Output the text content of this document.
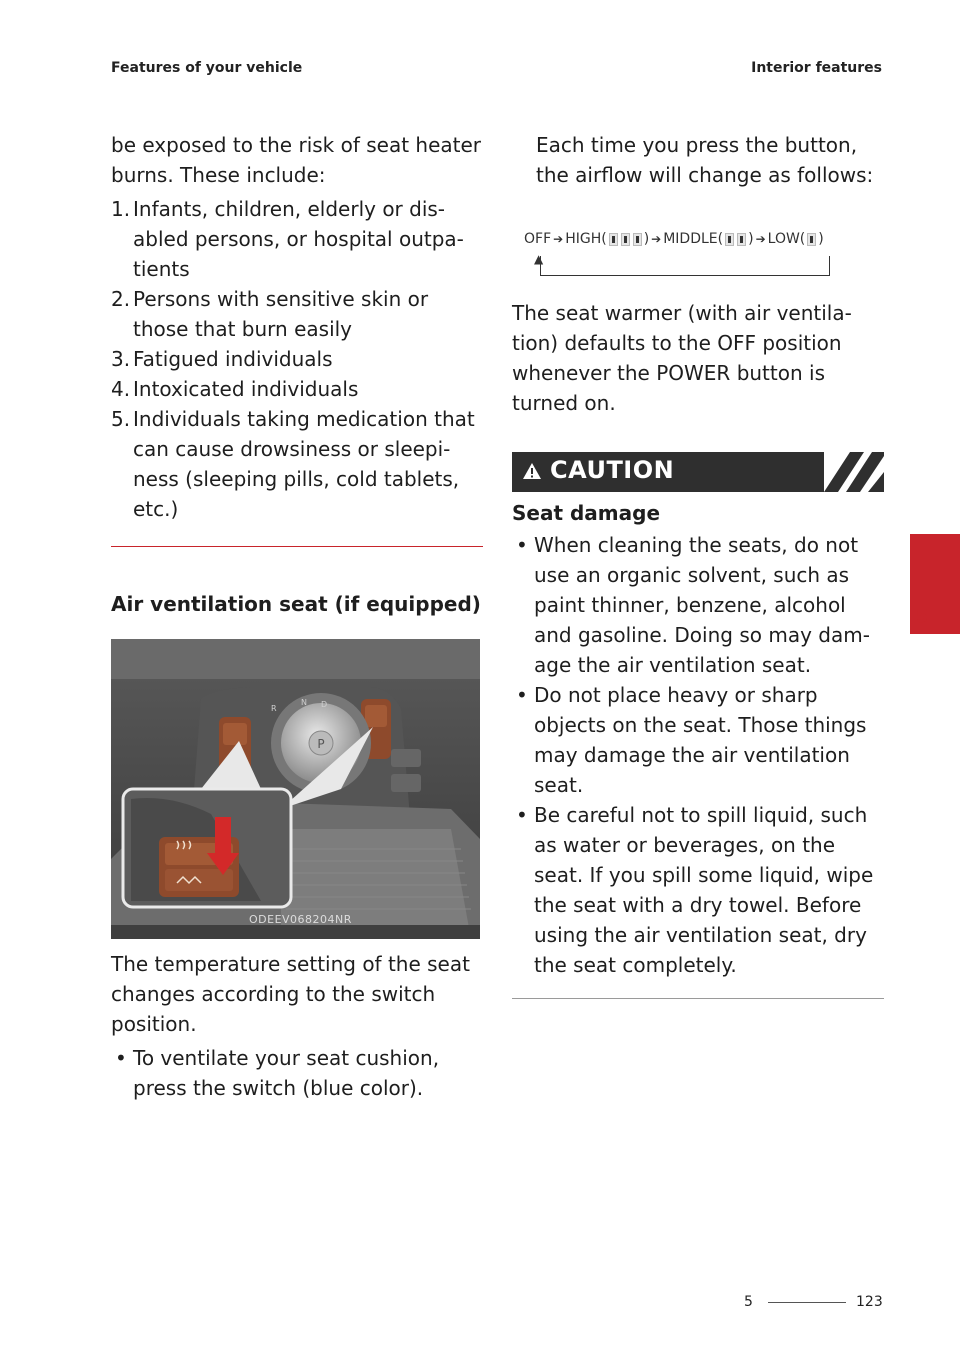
Features of your vehicle	Interior features

be exposed to the risk of seat heater burns. These include:

1. Infants, children, elderly or dis-abled persons, or hospital outpa-tients
2. Persons with sensitive skin or those that burn easily
3. Fatigued individuals
4. Intoxicated individuals
5. Individuals taking medication that can cause drowsiness or sleepi-ness (sleeping pills, cold tablets, etc.)
Air ventilation seat (if equipped)
P
R
N D
ODEEV068204NR

The temperature setting of the seat changes according to the switch position.

• To ventilate your seat cushion, press the switch (blue color).

Each time you press the button, the airflow will change as follows:

OFF ➔ HIGH(	) ➔ MIDDLE( ) ➔ LOW( )
▲

The seat warmer (with air ventila-tion) defaults to the OFF position whenever the POWER button is turned on.

CAUTION

Seat damage

• When cleaning the seats, do not use an organic solvent, such as paint thinner, benzene, alcohol and gasoline. Doing so may dam-age the air ventilation seat.
• Do not place heavy or sharp objects on the seat. Those things may damage the air ventilation seat.
• Be careful not to spill liquid, such as water or beverages, on the seat. If you spill some liquid, wipe the seat with a dry towel. Before using the air ventilation seat, dry the seat completely.
5
5	123
